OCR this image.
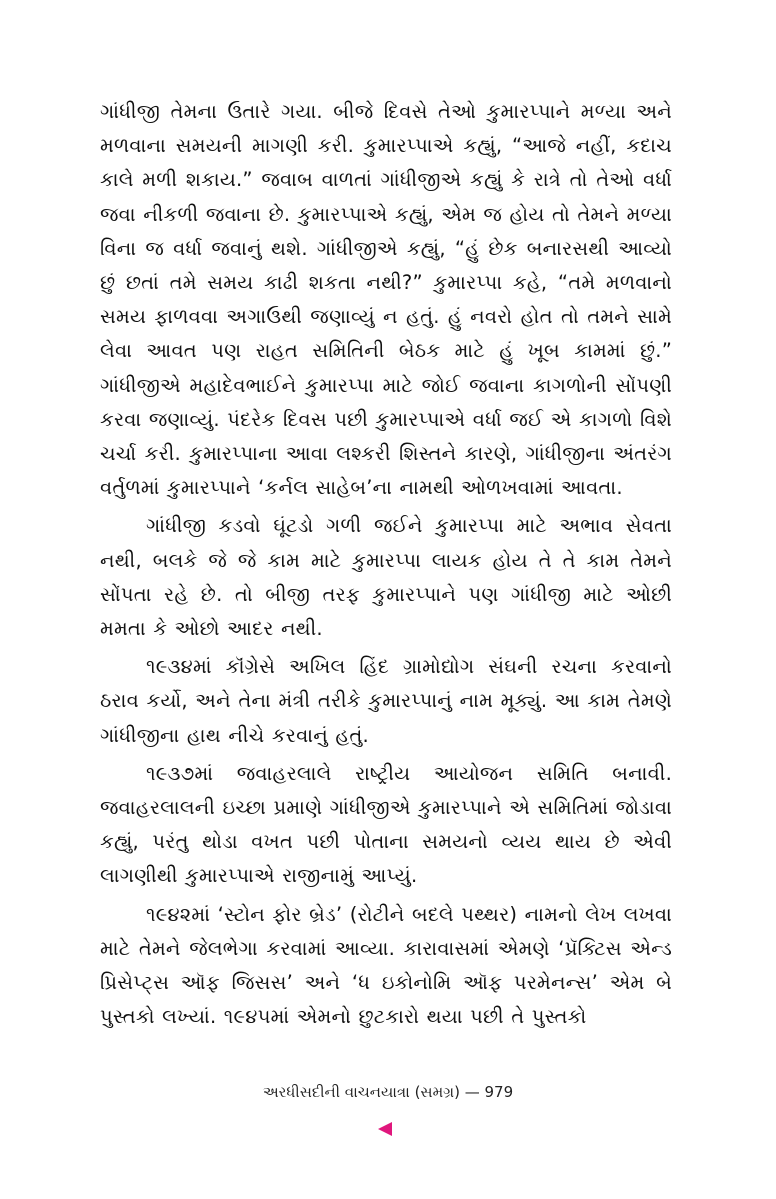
ગાંધીજી તેમના ઉતારે ગયા. બીજે દિવસે તેઓ કુમારપ્પાને મળ્યા અને મળવાના સમયની માગણી કરી. કુમારપ્પાએ કહ્યું, “આજે નહીં, કદાચ કાલે મળી શકાય.” જવાબ વાળતાં ગાંધીજીએ કહ્યું કે રાત્રે તો તેઓ વર્ધા જવા નીકળી જવાના છે. કુમારપ્પાએ કહ્યું, એમ જ હોય તો તેમને મળ્યા વિના જ વર્ધા જવાનું થશે. ગાંધીજીએ કહ્યું, “હું છેક બનારસથી આવ્યો છું છતાં તમે સમય કાઢી શકતા નથી?” કુમારપ્પા કહે, “તમે મળવાનો સમય ફાળવવા અગાઉથી જણાવ્યું ન હતું. હું નવરો હોત તો તમને સામે લેવા આવત પણ રાહત સમિતિની બેઠક માટે હું ખૂબ કામમાં છું.” ગાંધીજીએ મહાદેવભાઈને કુમારપ્પા માટે જોઈ જવાના કાગળોની સોંપણી કરવા જણાવ્યું. પંદરેક દિવસ પછી કુમારપ્પાએ વર્ધા જઈ એ કાગળો વિશે ચર્ચા કરી. કુમારપ્પાના આવા લશ્કરી શિસ્તને કારણે, ગાંધીજીના અંતરંગ વર્તુળમાં કુમારપ્પાને ‘કર્નલ સાહેબ’ના નામથી ઓળખવામાં આવતા.

ગાંધીજી કડવો ઘૂંટડો ગળી જઈને કુમારપ્પા માટે અભાવ સેવતા નથી, બલકે જે જે કામ માટે કુમારપ્પા લાયક હોય તે તે કામ તેમને સોંપતા રહે છે. તો બીજી તરફ કુમારપ્પાને પણ ગાંધીજી માટે ઓછી મમતા કે ઓછો આદર નથી.

૧૯૩૪માં કૉંગ્રેસે અખિલ હિંદ ગ્રામોદ્યોગ સંઘની રચના કરવાનો ઠરાવ કર્યો, અને તેના મંત્રી તરીકે કુમારપ્પાનું નામ મૂક્યું. આ કામ તેમણે ગાંધીજીના હાથ નીચે કરવાનું હતું.

૧૯૩૭માં જવાહરલાલે રાષ્ટ્રીય આયોજન સમિતિ બનાવી. જવાહરલાલની ઇચ્છા પ્રમાણે ગાંધીજીએ કુમારપ્પાને એ સમિતિમાં જોડાવા કહ્યું, પરંતુ થોડા વખત પછી પોતાના સમયનો વ્યય થાય છે એવી લાગણીથી કુમારપ્પાએ રાજીનામું આપ્યું.

૧૯૪૨માં ‘સ્ટોન ફોર બ્રેડ’ (રોટીને બદલે પથ્થર) નામનો લેખ લખવા માટે તેમને જેલભેગા કરવામાં આવ્યા. કારાવાસમાં એમણે ‘પ્રૅક્ટિસ એન્ડ પ્રિસેપ્ટ્સ ઑફ જિસસ’ અને ‘ધ ઇકોનોમિ ઑફ પરમેનન્સ’ એમ બે પુસ્તકો લખ્યાં. ૧૯૪૫માં એમનો છુટકારો થયા પછી તે પુસ્તકો

અરધીસદીની વાચનયાત્રા (સમગ્ર) — 979
